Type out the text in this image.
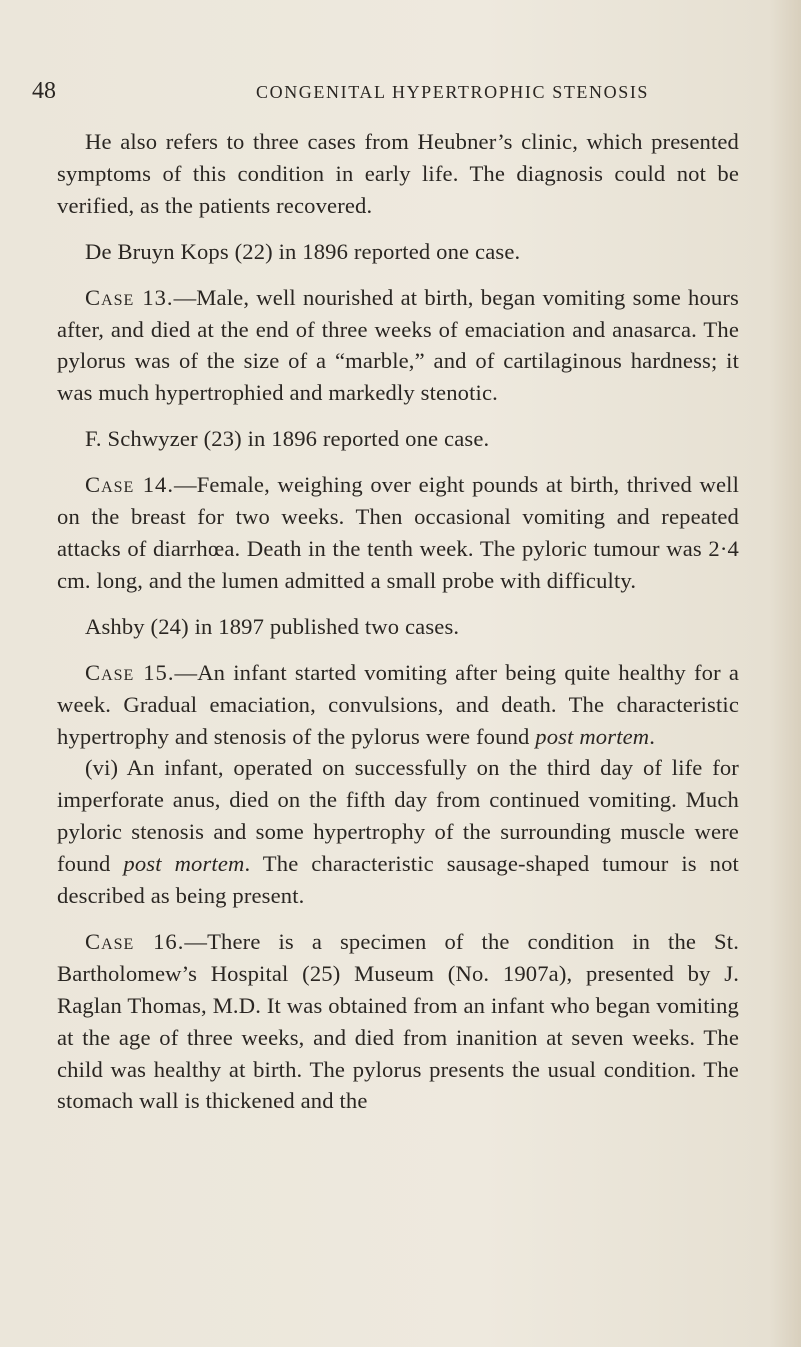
48	CONGENITAL HYPERTROPHIC STENOSIS

He also refers to three cases from Heubner’s clinic, which presented symptoms of this condition in early life. The diagnosis could not be verified, as the patients recovered.

De Bruyn Kops (22) in 1896 reported one case.

Case 13.—Male, well nourished at birth, began vomiting some hours after, and died at the end of three weeks of emaciation and anasarca. The pylorus was of the size of a “marble,” and of cartilaginous hardness; it was much hypertrophied and markedly stenotic.

F. Schwyzer (23) in 1896 reported one case.

Case 14.—Female, weighing over eight pounds at birth, thrived well on the breast for two weeks. Then occasional vomiting and repeated attacks of diarrhœa. Death in the tenth week. The pyloric tumour was 2·4 cm. long, and the lumen admitted a small probe with difficulty.

Ashby (24) in 1897 published two cases.

Case 15.—An infant started vomiting after being quite healthy for a week. Gradual emaciation, convulsions, and death. The characteristic hypertrophy and stenosis of the pylorus were found post mortem.

(vi) An infant, operated on successfully on the third day of life for imperforate anus, died on the fifth day from continued vomiting. Much pyloric stenosis and some hypertrophy of the surrounding muscle were found post mortem. The characteristic sausage-shaped tumour is not described as being present.

Case 16.—There is a specimen of the condition in the St. Bartholomew’s Hospital (25) Museum (No. 1907a), presented by J. Raglan Thomas, M.D. It was obtained from an infant who began vomiting at the age of three weeks, and died from inanition at seven weeks. The child was healthy at birth. The pylorus presents the usual condition. The stomach wall is thickened and the
